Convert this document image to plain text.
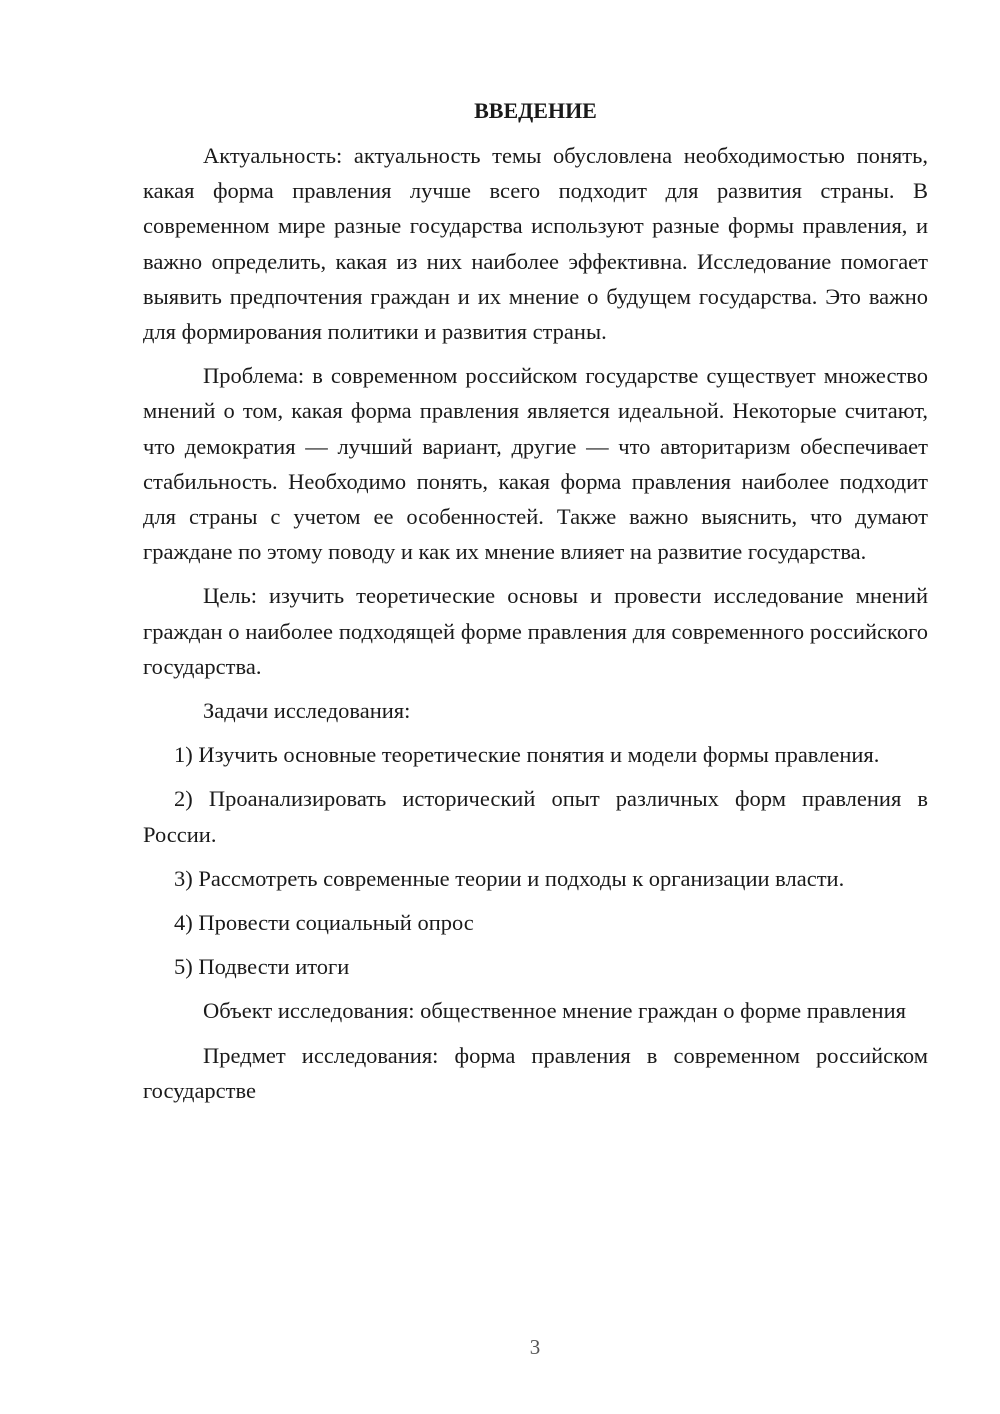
ВВЕДЕНИЕ

Актуальность: актуальность темы обусловлена необходимостью понять, какая форма правления лучше всего подходит для развития страны. В современном мире разные государства используют разные формы правления, и важно определить, какая из них наиболее эффективна. Исследование помогает выявить предпочтения граждан и их мнение о будущем государства. Это важно для формирования политики и развития страны.

Проблема: в современном российском государстве существует множество мнений о том, какая форма правления является идеальной. Некоторые считают, что демократия — лучший вариант, другие — что авторитаризм обеспечивает стабильность. Необходимо понять, какая форма правления наиболее подходит для страны с учетом ее особенностей. Также важно выяснить, что думают граждане по этому поводу и как их мнение влияет на развитие государства.

Цель: изучить теоретические основы и провести исследование мнений граждан о наиболее подходящей форме правления для современного российского государства.

Задачи исследования:

1) Изучить основные теоретические понятия и модели формы правления.

2) Проанализировать исторический опыт различных форм правления в России.

3) Рассмотреть современные теории и подходы к организации власти.

4) Провести социальный опрос

5) Подвести итоги

Объект исследования: общественное мнение граждан о форме правления

Предмет исследования: форма правления в современном российском государстве

3
